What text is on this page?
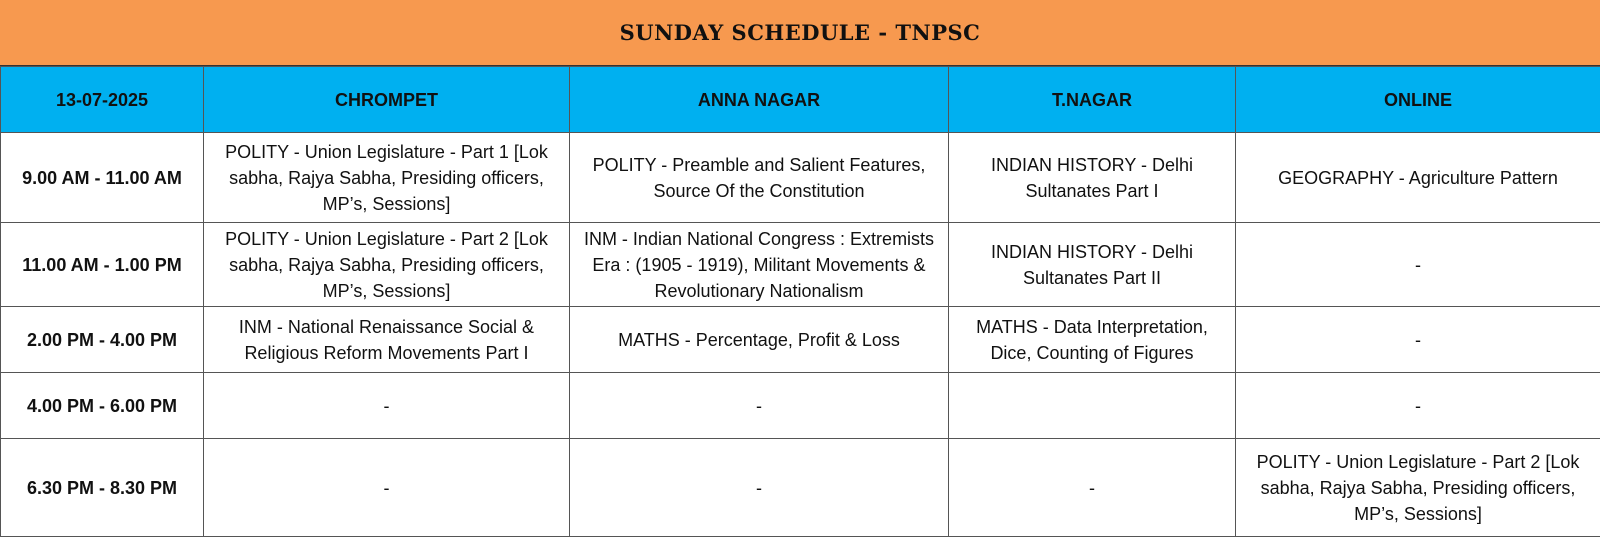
SUNDAY SCHEDULE - TNPSC
13-07-2025	CHROMPET	ANNA NAGAR	T.NAGAR	ONLINE
9.00 AM - 11.00 AM	POLITY - Union Legislature - Part 1 [Lok sabha, Rajya Sabha, Presiding officers, MP’s, Sessions]	POLITY - Preamble and Salient Features, Source Of the Constitution	INDIAN HISTORY - Delhi Sultanates Part I	GEOGRAPHY - Agriculture Pattern
11.00 AM - 1.00 PM	POLITY - Union Legislature - Part 2 [Lok sabha, Rajya Sabha, Presiding officers, MP’s, Sessions]	INM - Indian National Congress : Extremists Era : (1905 - 1919), Militant Movements & Revolutionary Nationalism	INDIAN HISTORY - Delhi Sultanates Part II	-
2.00 PM - 4.00 PM	INM - National Renaissance Social & Religious Reform Movements Part I	MATHS - Percentage, Profit & Loss	MATHS - Data Interpretation, Dice, Counting of Figures	-
4.00 PM - 6.00 PM	-	-		-
6.30 PM - 8.30 PM	-	-	-	POLITY - Union Legislature - Part 2 [Lok sabha, Rajya Sabha, Presiding officers, MP’s, Sessions]
